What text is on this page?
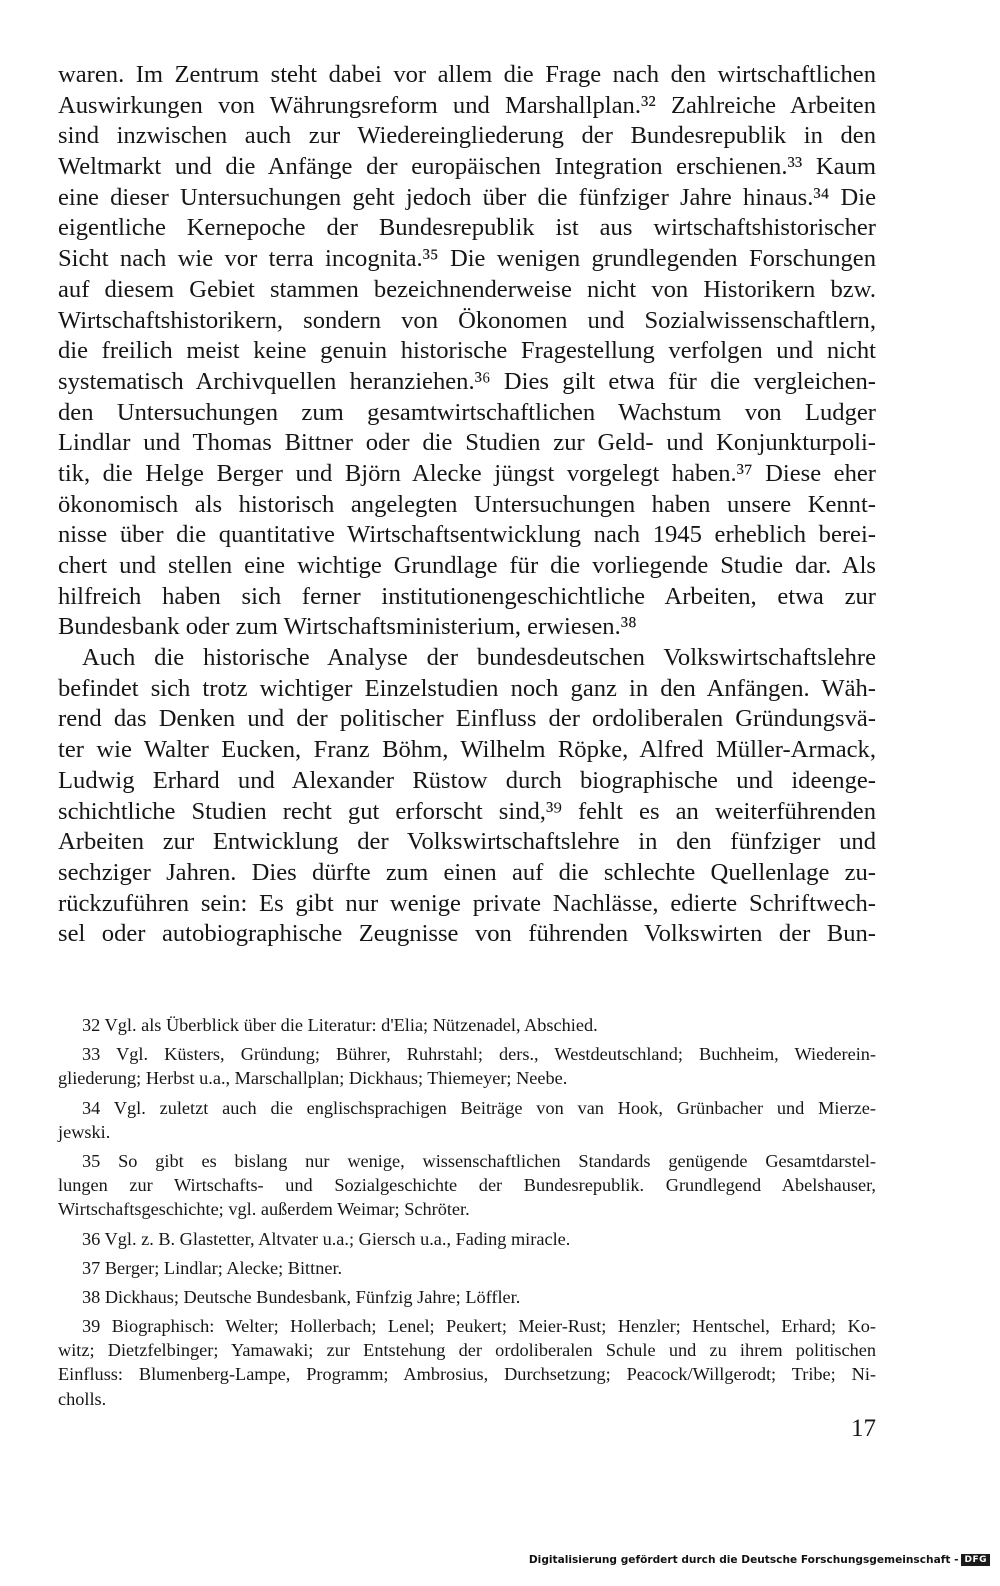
waren. Im Zentrum steht dabei vor allem die Frage nach den wirtschaftlichen
Auswirkungen von Währungsreform und Marshallplan.³² Zahlreiche Arbeiten
sind inzwischen auch zur Wiedereingliederung der Bundesrepublik in den
Weltmarkt und die Anfänge der europäischen Integration erschienen.³³ Kaum
eine dieser Untersuchungen geht jedoch über die fünfziger Jahre hinaus.³⁴ Die
eigentliche Kernepoche der Bundesrepublik ist aus wirtschaftshistorischer
Sicht nach wie vor terra incognita.³⁵ Die wenigen grundlegenden Forschungen
auf diesem Gebiet stammen bezeichnenderweise nicht von Historikern bzw.
Wirtschaftshistorikern, sondern von Ökonomen und Sozialwissenschaftlern,
die freilich meist keine genuin historische Fragestellung verfolgen und nicht
systematisch Archivquellen heranziehen.³⁶ Dies gilt etwa für die vergleichen-
den Untersuchungen zum gesamtwirtschaftlichen Wachstum von Ludger
Lindlar und Thomas Bittner oder die Studien zur Geld- und Konjunkturpoli-
tik, die Helge Berger und Björn Alecke jüngst vorgelegt haben.³⁷ Diese eher
ökonomisch als historisch angelegten Untersuchungen haben unsere Kennt-
nisse über die quantitative Wirtschaftsentwicklung nach 1945 erheblich berei-
chert und stellen eine wichtige Grundlage für die vorliegende Studie dar. Als
hilfreich haben sich ferner institutionengeschichtliche Arbeiten, etwa zur
Bundesbank oder zum Wirtschaftsministerium, erwiesen.³⁸
Auch die historische Analyse der bundesdeutschen Volkswirtschaftslehre
befindet sich trotz wichtiger Einzelstudien noch ganz in den Anfängen. Wäh-
rend das Denken und der politischer Einfluss der ordoliberalen Gründungsvä-
ter wie Walter Eucken, Franz Böhm, Wilhelm Röpke, Alfred Müller-Armack,
Ludwig Erhard und Alexander Rüstow durch biographische und ideenge-
schichtliche Studien recht gut erforscht sind,³⁹ fehlt es an weiterführenden
Arbeiten zur Entwicklung der Volkswirtschaftslehre in den fünfziger und
sechziger Jahren. Dies dürfte zum einen auf die schlechte Quellenlage zu-
rückzuführen sein: Es gibt nur wenige private Nachlässe, edierte Schriftwech-
sel oder autobiographische Zeugnisse von führenden Volkswirten der Bun-
32 Vgl. als Überblick über die Literatur: d'Elia; Nützenadel, Abschied.
33 Vgl. Küsters, Gründung; Bührer, Ruhrstahl; ders., Westdeutschland; Buchheim, Wiederein-
gliederung; Herbst u.a., Marschallplan; Dickhaus; Thiemeyer; Neebe.
34 Vgl. zuletzt auch die englischsprachigen Beiträge von van Hook, Grünbacher und Mierze-
jewski.
35 So gibt es bislang nur wenige, wissenschaftlichen Standards genügende Gesamtdarstel-
lungen zur Wirtschafts- und Sozialgeschichte der Bundesrepublik. Grundlegend Abelshauser,
Wirtschaftsgeschichte; vgl. außerdem Weimar; Schröter.
36 Vgl. z. B. Glastetter, Altvater u.a.; Giersch u.a., Fading miracle.
37 Berger; Lindlar; Alecke; Bittner.
38 Dickhaus; Deutsche Bundesbank, Fünfzig Jahre; Löffler.
39 Biographisch: Welter; Hollerbach; Lenel; Peukert; Meier-Rust; Henzler; Hentschel, Erhard; Ko-
witz; Dietzfelbinger; Yamawaki; zur Entstehung der ordoliberalen Schule und zu ihrem politischen
Einfluss: Blumenberg-Lampe, Programm; Ambrosius, Durchsetzung; Peacock/Willgerodt; Tribe; Ni-
cholls.
17
Digitalisierung gefördert durch die Deutsche Forschungsgemeinschaft - DFG
